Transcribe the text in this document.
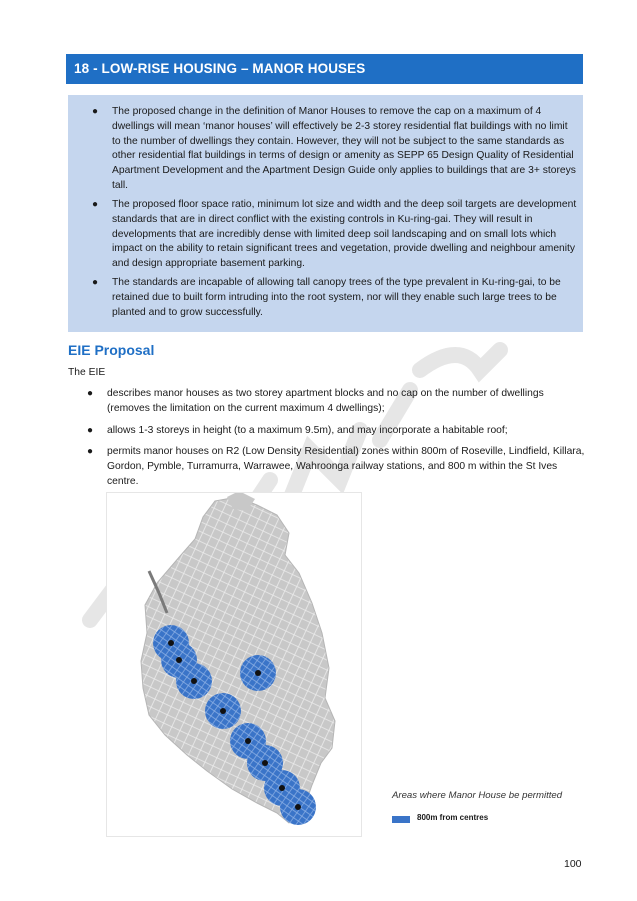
18 - LOW-RISE HOUSING – MANOR HOUSES
● The proposed change in the definition of Manor Houses to remove the cap on a maximum of 4 dwellings will mean ‘manor houses’ will effectively be 2-3 storey residential flat buildings with no limit to the number of dwellings they contain. However, they will not be subject to the same standards as other residential flat buildings in terms of design or amenity as SEPP 65 Design Quality of Residential Apartment Development and the Apartment Design Guide only applies to buildings that are 3+ storeys tall.
● The proposed floor space ratio, minimum lot size and width and the deep soil targets are development standards that are in direct conflict with the existing controls in Ku-ring-gai. They will result in developments that are incredibly dense with limited deep soil landscaping and on small lots which impact on the ability to retain significant trees and vegetation, provide dwelling and neighbour amenity and design appropriate basement parking.
● The standards are incapable of allowing tall canopy trees of the type prevalent in Ku-ring-gai, to be retained due to built form intruding into the root system, nor will they enable such large trees to be planted and to grow successfully.
EIE Proposal
The EIE
● describes manor houses as two storey apartment blocks and no cap on the number of dwellings (removes the limitation on the current maximum 4 dwellings);
● allows 1-3 storeys in height (to a maximum 9.5m), and may incorporate a habitable roof;
● permits manor houses on R2 (Low Density Residential) zones within 800m of Roseville, Lindfield, Killara, Gordon, Pymble, Turramurra, Warrawee, Wahroonga railway stations, and 800 m within the St Ives centre.
Areas where Manor House be permitted
800m from centres
100
